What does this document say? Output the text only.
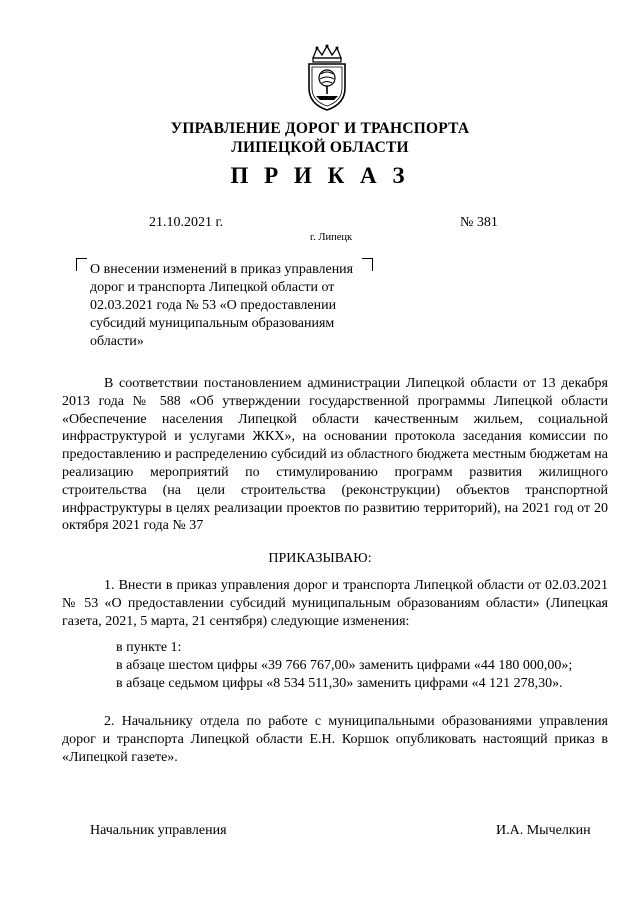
УПРАВЛЕНИЕ ДОРОГ И ТРАНСПОРТА
ЛИПЕЦКОЙ ОБЛАСТИ
П Р И К А З
21.10.2021 г.	№ 381
г. Липецк
О внесении изменений в приказ управления дорог и транспорта Липецкой области от 02.03.2021 года № 53 «О предоставлении субсидий муниципальным образованиям области»
В соответствии постановлением администрации Липецкой области от 13 декабря 2013 года № 588 «Об утверждении государственной программы Липецкой области «Обеспечение населения Липецкой области качественным жильем, социальной инфраструктурой и услугами ЖКХ», на основании протокола заседания комиссии по предоставлению и распределению субсидий из областного бюджета местным бюджетам на реализацию мероприятий по стимулированию программ развития жилищного строительства (на цели строительства (реконструкции) объектов транспортной инфраструктуры в целях реализации проектов по развитию территорий), на 2021 год от 20 октября 2021 года № 37
ПРИКАЗЫВАЮ:
1. Внести в приказ управления дорог и транспорта Липецкой области от 02.03.2021 № 53 «О предоставлении субсидий муниципальным образованиям области» (Липецкая газета, 2021, 5 марта, 21 сентября) следующие изменения:
в пункте 1:
в абзаце шестом цифры «39 766 767,00» заменить цифрами «44 180 000,00»;
в абзаце седьмом цифры «8 534 511,30» заменить цифрами «4 121 278,30».
2. Начальнику отдела по работе с муниципальными образованиями управления дорог и транспорта Липецкой области Е.Н. Коршок опубликовать настоящий приказ в «Липецкой газете».
Начальник управления	И.А. Мычелкин
